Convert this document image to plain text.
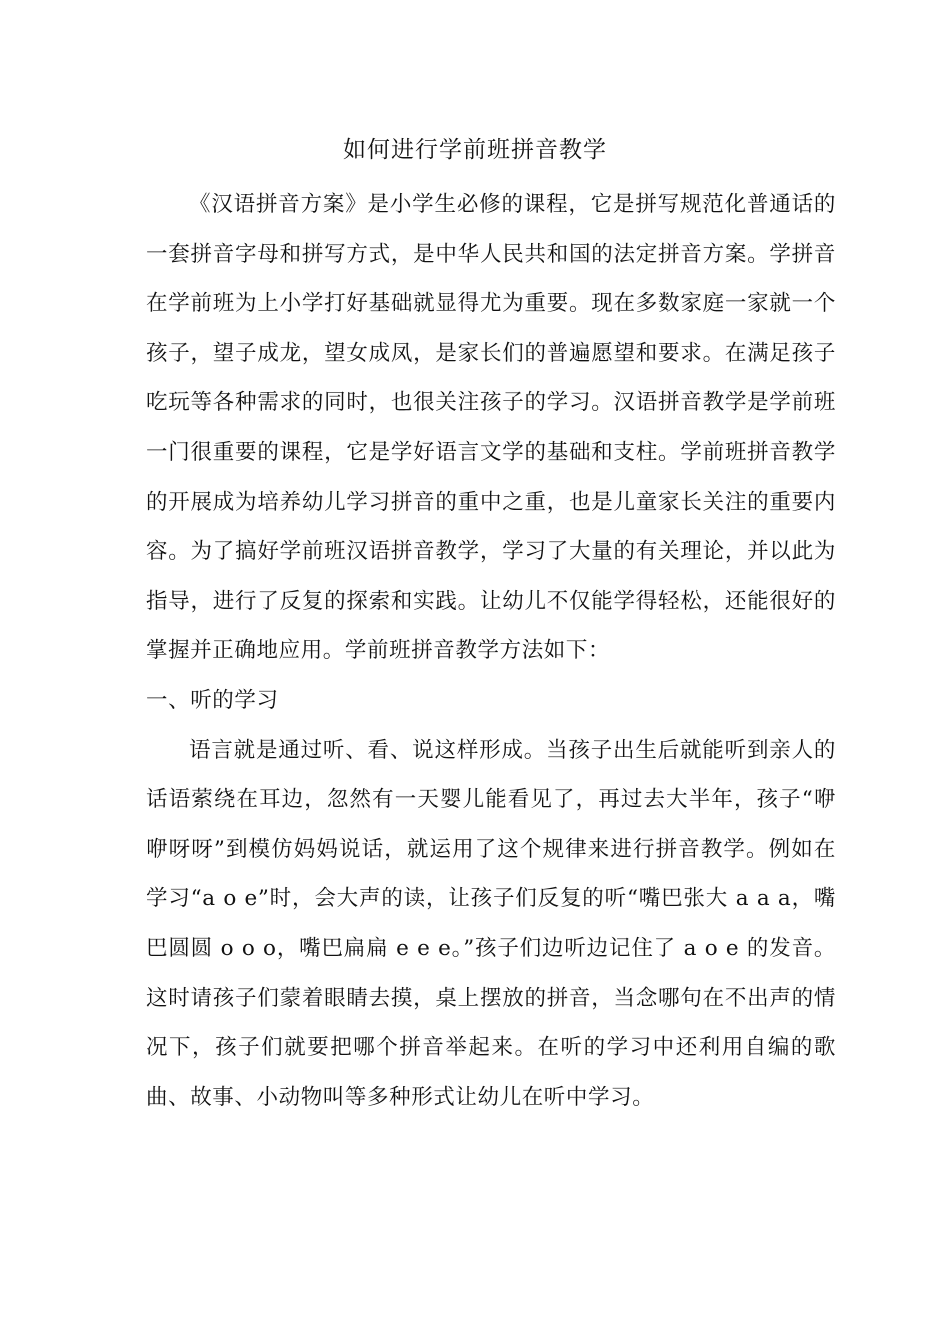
如何进行学前班拼音教学

《汉语拼音方案》是小学生必修的课程，它是拼写规范化普通话的一套拼音字母和拼写方式，是中华人民共和国的法定拼音方案。学拼音在学前班为上小学打好基础就显得尤为重要。现在多数家庭一家就一个孩子，望子成龙，望女成凤，是家长们的普遍愿望和要求。在满足孩子吃玩等各种需求的同时，也很关注孩子的学习。汉语拼音教学是学前班一门很重要的课程，它是学好语言文学的基础和支柱。学前班拼音教学的开展成为培养幼儿学习拼音的重中之重，也是儿童家长关注的重要内容。为了搞好学前班汉语拼音教学，学习了大量的有关理论，并以此为指导，进行了反复的探索和实践。让幼儿不仅能学得轻松，还能很好的掌握并正确地应用。学前班拼音教学方法如下：

一、听的学习

语言就是通过听、看、说这样形成。当孩子出生后就能听到亲人的话语萦绕在耳边，忽然有一天婴儿能看见了，再过去大半年，孩子“咿咿呀呀”到模仿妈妈说话，就运用了这个规律来进行拼音教学。例如在学习“a o e”时，会大声的读，让孩子们反复的听“嘴巴张大 a a a，嘴巴圆圆 o o o，嘴巴扁扁 e e e。”孩子们边听边记住了 a o e 的发音。这时请孩子们蒙着眼睛去摸，桌上摆放的拼音，当念哪句在不出声的情况下，孩子们就要把哪个拼音举起来。在听的学习中还利用自编的歌曲、故事、小动物叫等多种形式让幼儿在听中学习。
